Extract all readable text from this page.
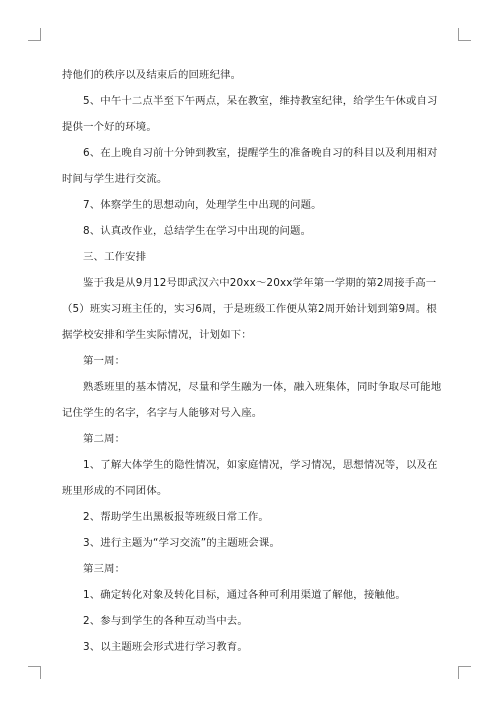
持他们的秩序以及结束后的回班纪律。

5、中午十二点半至下午两点，呆在教室，维持教室纪律，给学生午休或自习提供一个好的环境。

6、在上晚自习前十分钟到教室，提醒学生的准备晚自习的科目以及利用相对时间与学生进行交流。

7、体察学生的思想动向，处理学生中出现的问题。

8、认真改作业，总结学生在学习中出现的问题。

三、工作安排

鉴于我是从9月12号即武汉六中20xx～20xx学年第一学期的第2周接手高一（5）班实习班主任的，实习6周，于是班级工作便从第2周开始计划到第9周。根据学校安排和学生实际情况，计划如下：

第一周：

熟悉班里的基本情况，尽量和学生融为一体，融入班集体，同时争取尽可能地记住学生的名字，名字与人能够对号入座。

第二周：

1、了解大体学生的隐性情况，如家庭情况，学习情况，思想情况等，以及在班里形成的不同团体。

2、帮助学生出黑板报等班级日常工作。

3、进行主题为“学习交流”的主题班会课。

第三周：

1、确定转化对象及转化目标，通过各种可利用渠道了解他，接触他。

2、参与到学生的各种互动当中去。

3、以主题班会形式进行学习教育。
